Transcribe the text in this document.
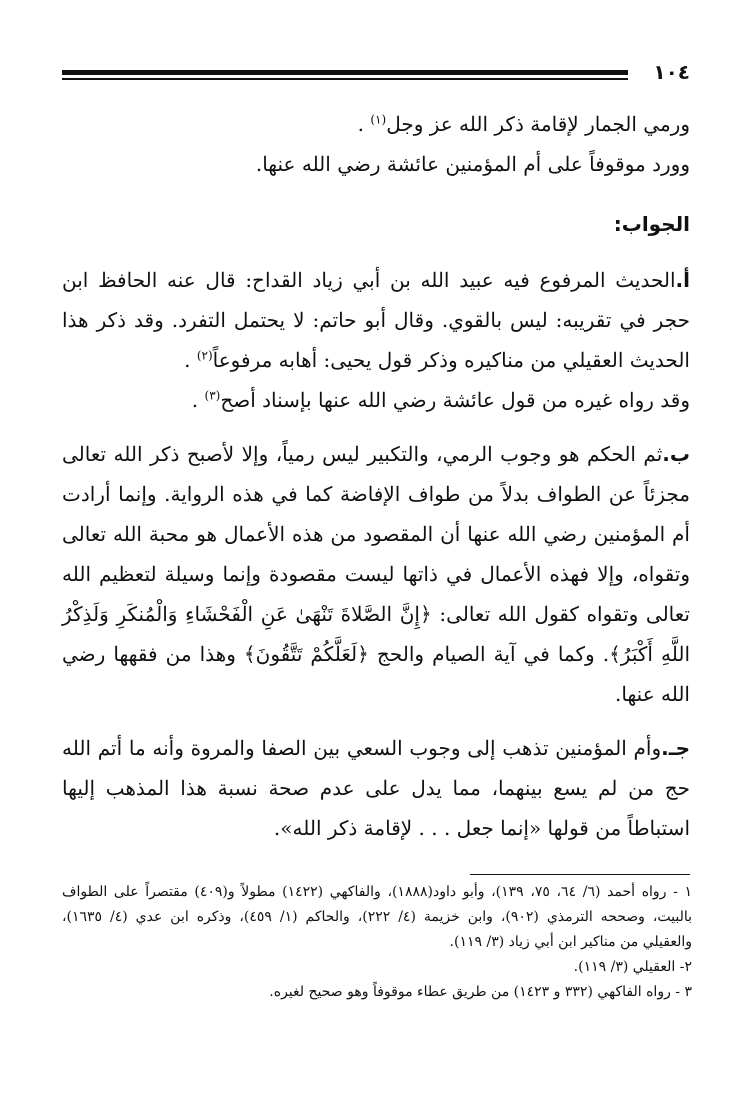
١٠٤

ورمي الجمار لإقامة ذكر الله عز وجل$^{(١)}$ .

وورد موقوفاً على أم المؤمنين عائشة رضي الله عنها.

الجواب:

أ.الحديث المرفوع فيه عبيد الله بن أبي زياد القداح: قال عنه الحافظ ابن حجر في تقريبه: ليس بالقوي. وقال أبو حاتم: لا يحتمل التفرد. وقد ذكر هذا الحديث العقيلي من مناكيره وذكر قول يحيى: أهابه مرفوعاً$^{(٢)}$ .

وقد رواه غيره من قول عائشة رضي الله عنها بإسناد أصح$^{(٣)}$ .

ب.ثم الحكم هو وجوب الرمي، والتكبير ليس رمياً، وإلا لأصبح ذكر الله تعالى مجزئاً عن الطواف بدلاً من طواف الإفاضة كما في هذه الرواية. وإنما أرادت أم المؤمنين رضي الله عنها أن المقصود من هذه الأعمال هو محبة الله تعالى وتقواه، وإلا فهذه الأعمال في ذاتها ليست مقصودة وإنما وسيلة لتعظيم الله تعالى وتقواه كقول الله تعالى: ﴿إِنَّ الصَّلاةَ تَنْهَىٰ عَنِ الْفَحْشَاءِ وَالْمُنكَرِ وَلَذِكْرُ اللَّهِ أَكْبَرُ﴾. وكما في آية الصيام والحج ﴿لَعَلَّكُمْ تَتَّقُونَ﴾ وهذا من فقهها رضي الله عنها.

جـ.وأم المؤمنين تذهب إلى وجوب السعي بين الصفا والمروة وأنه ما أتم الله حج من لم يسع بينهما، مما يدل على عدم صحة نسبة هذا المذهب إليها استباطاً من قولها «إنما جعل . . . لإقامة ذكر الله».

١ - رواه أحمد (٦/ ٦٤، ٧٥، ١٣٩)، وأبو داود(١٨٨٨)، والفاكهي (١٤٢٢) مطولاً و(٤٠٩) مقتصراً على الطواف بالبيت، وصححه الترمذي (٩٠٢)، وابن خزيمة (٤/ ٢٢٢)، والحاكم (١/ ٤٥٩)، وذكره ابن عدي (٤/ ١٦٣٥)، والعقيلي من مناكير ابن أبي زياد (٣/ ١١٩).

٢- العقيلي (٣/ ١١٩).

٣ - رواه الفاكهي (٣٣٢ و ١٤٢٣) من طريق عطاء موقوفاً وهو صحيح لغيره.
